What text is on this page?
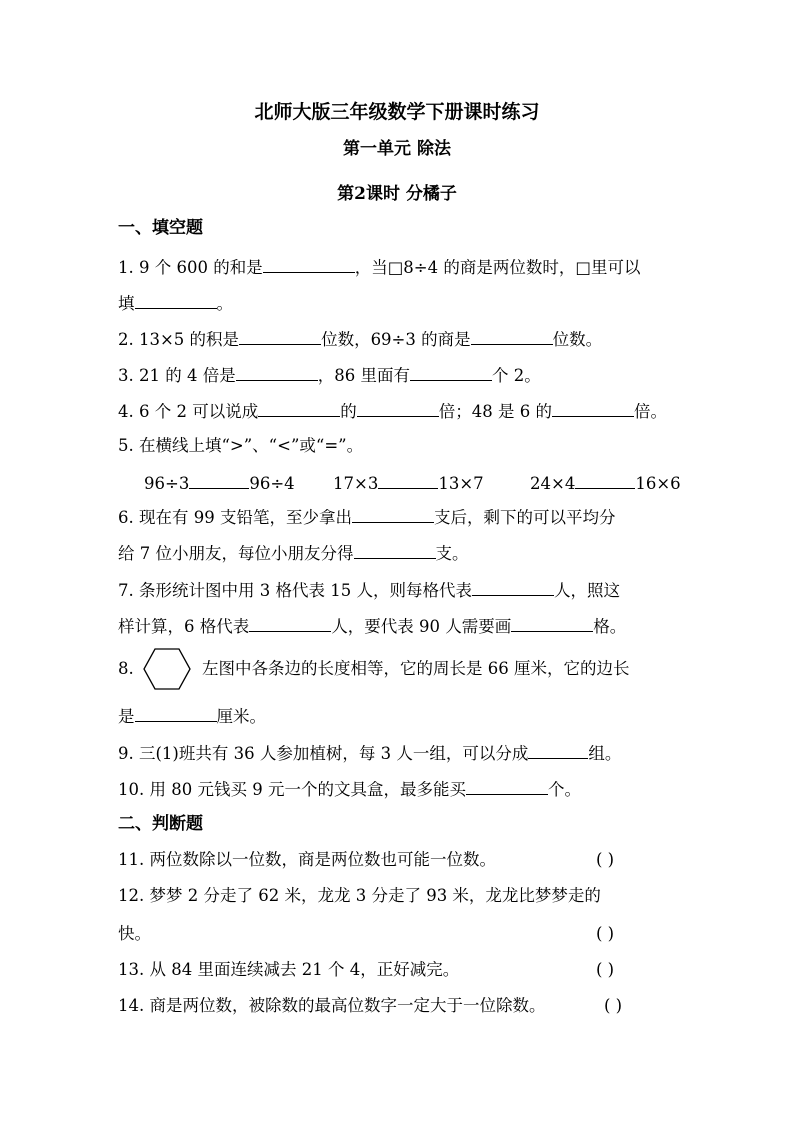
北师大版三年级数学下册课时练习
第一单元 除法
第2课时 分橘子
一、填空题
1. 9 个 600 的和是	，当□8÷4 的商是两位数时，□里可以
填	。
2. 13×5 的积是	位数，69÷3 的商是	位数。
3. 21 的 4 倍是	，86 里面有	个 2。
4. 6 个 2 可以说成	的	倍；48 是 6 的	倍。
5. 在横线上填“>”、“<”或“=”。
96÷3	96÷4 17×3	13×7	24×4	16×6
6. 现在有 99 支铅笔，至少拿出	支后，剩下的可以平均分
给 7 位小朋友，每位小朋友分得	支。
7. 条形统计图中用 3 格代表 15 人，则每格代表	人，照这
样计算，6 格代表	人，要代表 90 人需要画	格。
8.	左图中各条边的长度相等，它的周长是 66 厘米，它的边长
是	厘米。
9. 三(1)班共有 36 人参加植树，每 3 人一组，可以分成	组。
10. 用 80 元钱买 9 元一个的文具盒，最多能买	个。
二、判断题
11. 两位数除以一位数，商是两位数也可能一位数。	( )
12. 梦梦 2 分走了 62 米，龙龙 3 分走了 93 米，龙龙比梦梦走的
快。	( )
13. 从 84 里面连续减去 21 个 4，正好减完。	( )
14. 商是两位数，被除数的最高位数字一定大于一位除数。	( )
